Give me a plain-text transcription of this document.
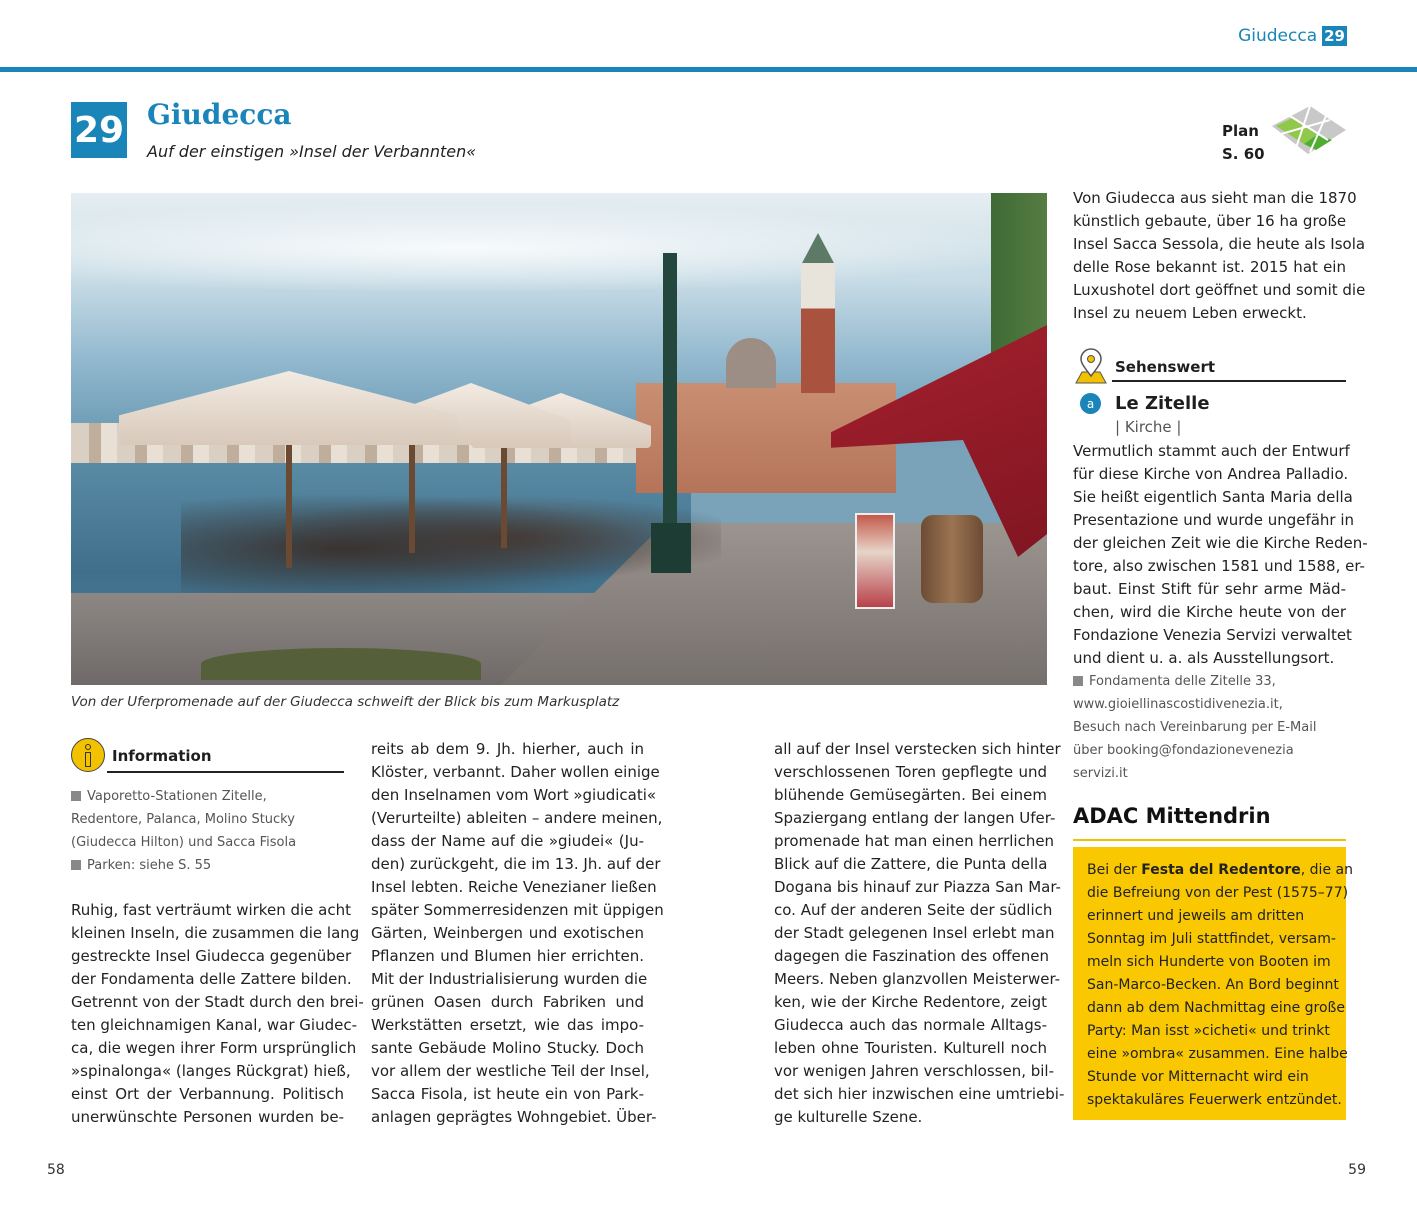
Giudecca 29
29 Giudecca
Auf der einstigen »Insel der Verbannten«
Plan
S. 60
Von der Uferpromenade auf der Giudecca schweift der Blick bis zum Markusplatz
Information
Vaporetto-Stationen Zitelle,
Redentore, Palanca, Molino Stucky
(Giudecca Hilton) und Sacca Fisola
Parken: siehe S. 55
Ruhig, fast verträumt wirken die acht
kleinen Inseln, die zusammen die lang
gestreckte Insel Giudecca gegenüber
der Fondamenta delle Zattere bilden.
Getrennt von der Stadt durch den brei-
ten gleichnamigen Kanal, war Giudec-
ca, die wegen ihrer Form ursprünglich
»spinalonga« (langes Rückgrat) hieß,
einst Ort der Verbannung. Politisch
unerwünschte Personen wurden be-
reits ab dem 9. Jh. hierher, auch in
Klöster, verbannt. Daher wollen einige
den Inselnamen vom Wort »giudicati«
(Verurteilte) ableiten – andere meinen,
dass der Name auf die »giudei« (Ju-
den) zurückgeht, die im 13. Jh. auf der
Insel lebten. Reiche Venezianer ließen
später Sommerresidenzen mit üppigen
Gärten, Weinbergen und exotischen
Pflanzen und Blumen hier errichten.
Mit der Industrialisierung wurden die
grünen Oasen durch Fabriken und
Werkstätten ersetzt, wie das impo-
sante Gebäude Molino Stucky. Doch
vor allem der westliche Teil der Insel,
Sacca Fisola, ist heute ein von Park-
anlagen geprägtes Wohngebiet. Über-
all auf der Insel verstecken sich hinter
verschlossenen Toren gepflegte und
blühende Gemüsegärten. Bei einem
Spaziergang entlang der langen Ufer-
promenade hat man einen herrlichen
Blick auf die Zattere, die Punta della
Dogana bis hinauf zur Piazza San Mar-
co. Auf der anderen Seite der südlich
der Stadt gelegenen Insel erlebt man
dagegen die Faszination des offenen
Meers. Neben glanzvollen Meisterwer-
ken, wie der Kirche Redentore, zeigt
Giudecca auch das normale Alltags-
leben ohne Touristen. Kulturell noch
vor wenigen Jahren verschlossen, bil-
det sich hier inzwischen eine umtriebi-
ge kulturelle Szene.
Von Giudecca aus sieht man die 1870
künstlich gebaute, über 16 ha große
Insel Sacca Sessola, die heute als Isola
delle Rose bekannt ist. 2015 hat ein
Luxushotel dort geöffnet und somit die
Insel zu neuem Leben erweckt.
Sehenswert
a	Le Zitelle
| Kirche |
Vermutlich stammt auch der Entwurf
für diese Kirche von Andrea Palladio.
Sie heißt eigentlich Santa Maria della
Presentazione und wurde ungefähr in
der gleichen Zeit wie die Kirche Reden-
tore, also zwischen 1581 und 1588, er-
baut. Einst Stift für sehr arme Mäd-
chen, wird die Kirche heute von der
Fondazione Venezia Servizi verwaltet
und dient u. a. als Ausstellungsort.
Fondamenta delle Zitelle 33,
www.gioiellinascostidivenezia.it,
Besuch nach Vereinbarung per E-Mail
über booking@fondazionevenezia
servizi.it
ADAC Mittendrin
Bei der Festa del Redentore, die an
die Befreiung von der Pest (1575–77)
erinnert und jeweils am dritten
Sonntag im Juli stattfindet, versam-
meln sich Hunderte von Booten im
San-Marco-Becken. An Bord beginnt
dann ab dem Nachmittag eine große
Party: Man isst »cicheti« und trinkt
eine »ombra« zusammen. Eine halbe
Stunde vor Mitternacht wird ein
spektakuläres Feuerwerk entzündet.
58	59
